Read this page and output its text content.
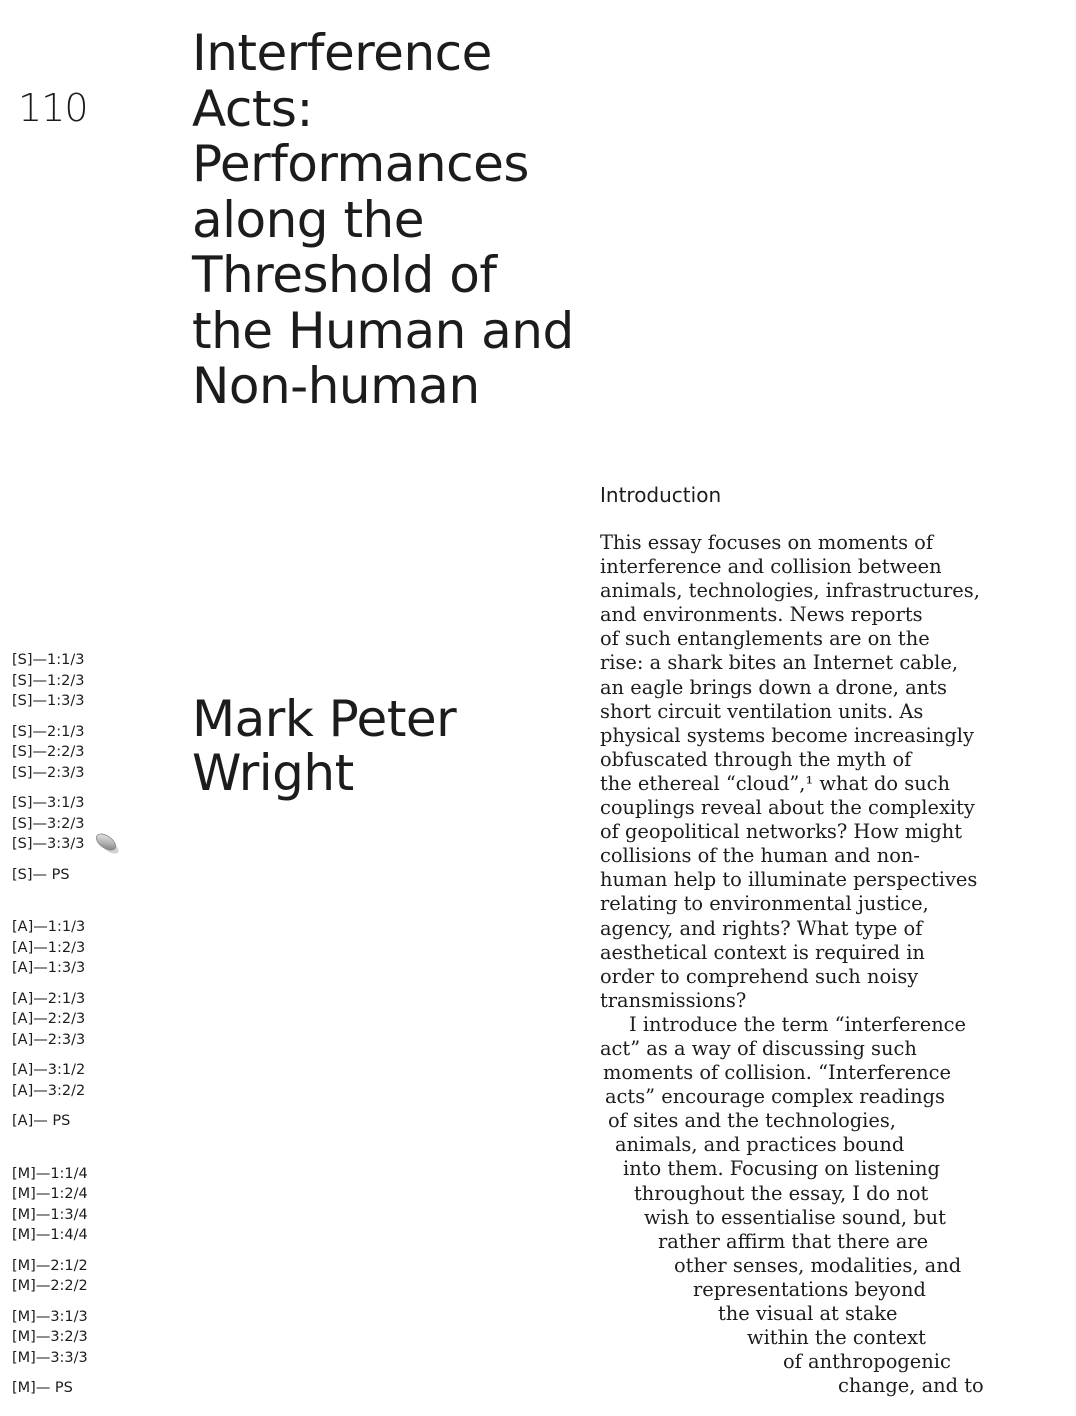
110
Interference
Acts:
Performances
along the
Threshold of
the Human and
Non-human
Mark Peter
Wright
Introduction
This essay focuses on moments of
interference and collision between
animals, technologies, infrastructures,
and environments. News reports
of such entanglements are on the
rise: a shark bites an Internet cable,
an eagle brings down a drone, ants
short circuit ventilation units. As
physical systems become increasingly
obfuscated through the myth of
the ethereal “cloud”,¹ what do such
couplings reveal about the complexity
of geopolitical networks? How might
collisions of the human and non-
human help to illuminate perspectives
relating to environmental justice,
agency, and rights? What type of
aesthetical context is required in
order to comprehend such noisy
transmissions?
I introduce the term “interference
act” as a way of discussing such
moments of collision. “Interference
acts” encourage complex readings
of sites and the technologies,
animals, and practices bound
into them. Focusing on listening
throughout the essay, I do not
wish to essentialise sound, but
rather affirm that there are
other senses, modalities, and
representations beyond
the visual at stake
within the context
of anthropogenic
change, and to
[S]—1:1/3
[S]—1:2/3
[S]—1:3/3
[S]—2:1/3
[S]—2:2/3
[S]—2:3/3
[S]—3:1/3
[S]—3:2/3
[S]—3:3/3
[S]— PS
[A]—1:1/3
[A]—1:2/3
[A]—1:3/3
[A]—2:1/3
[A]—2:2/3
[A]—2:3/3
[A]—3:1/2
[A]—3:2/2
[A]— PS
[M]—1:1/4
[M]—1:2/4
[M]—1:3/4
[M]—1:4/4
[M]—2:1/2
[M]—2:2/2
[M]—3:1/3
[M]—3:2/3
[M]—3:3/3
[M]— PS
